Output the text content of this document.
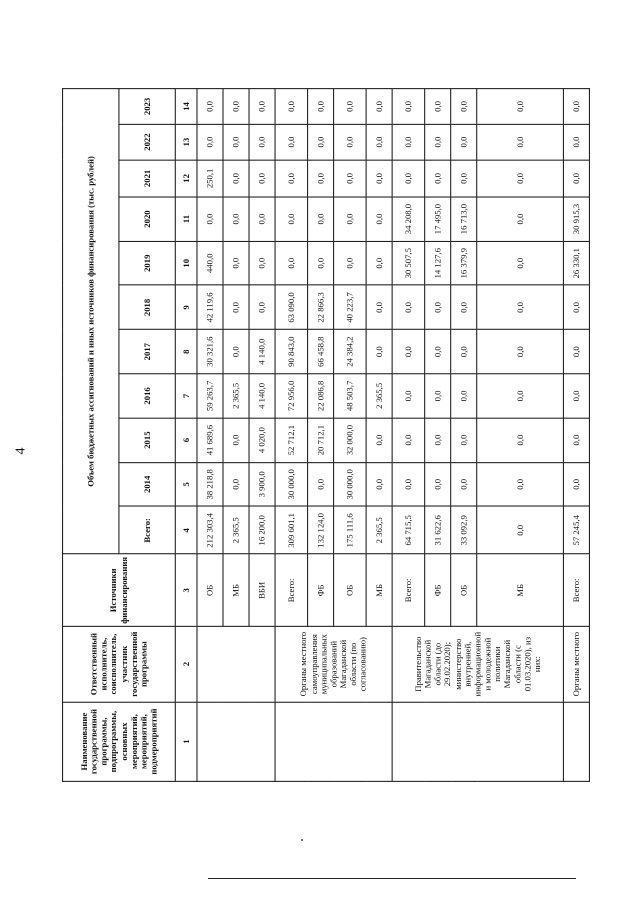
4
Наименование государственной программы, подпрограммы, основных мероприятий, мероприятий, подмероприятий	Ответственный исполнитель, соисполнитель, участник государственной программы	Источники финансирования	Объем бюджетных ассигнований и иных источников финансирования (тыс. рублей)										
			Всего:	2014	2015	2016	2017	2018	2019	2020	2021	2022	2023
1	2	3	4	5	6	7	8	9	10	11	12	13	14
		ОБ	212 303,4	38 218,8	41 689,6	59 263,7	30 321,6	42 119,6	440,0	0,0	250,1	0,0	0,0
		МБ	2 365,5	0,0	0,0	2 365,5	0,0	0,0	0,0	0,0	0,0	0,0	0,0
		ВБИ	16 200,0	3 900,0	4 020,0	4 140,0	4 140,0	0,0	0,0	0,0	0,0	0,0	0,0
	Органы местного самоуправления муниципальных образований Магаданской области (по согласованию)	Всего:	309 601,1	30 000,0	52 712,1	72 956,0	90 843,0	63 090,0	0,0	0,0	0,0	0,0	0,0
		ФБ	132 124,0	0,0	20 712,1	22 086,8	66 458,8	22 866,3	0,0	0,0	0,0	0,0	0,0
		ОБ	175 111,6	30 000,0	32 000,0	48 503,7	24 384,2	40 223,7	0,0	0,0	0,0	0,0	0,0
		МБ	2 365,5	0,0	0,0	2 365,5	0,0	0,0	0,0	0,0	0,0	0,0	0,0
	Правительство Магаданской области (до 29.02.2020); министерство внутренней, информационной и молодежной политики Магаданской области (с 01.03.2020), из них:	Всего:	64 715,5	0,0	0,0	0,0	0,0	0,0	30 507,5	34 208,0	0,0	0,0	0,0
		ФБ	31 622,6	0,0	0,0	0,0	0,0	0,0	14 127,6	17 495,0	0,0	0,0	0,0
		ОБ	33 092,9	0,0	0,0	0,0	0,0	0,0	16 379,9	16 713,0	0,0	0,0	0,0
		МБ	0,0	0,0	0,0	0,0	0,0	0,0	0,0	0,0	0,0	0,0	0,0
	Органы местного	Всего:	57 245,4	0,0	0,0	0,0	0,0	0,0	26 330,1	30 915,3	0,0	0,0	0,0
